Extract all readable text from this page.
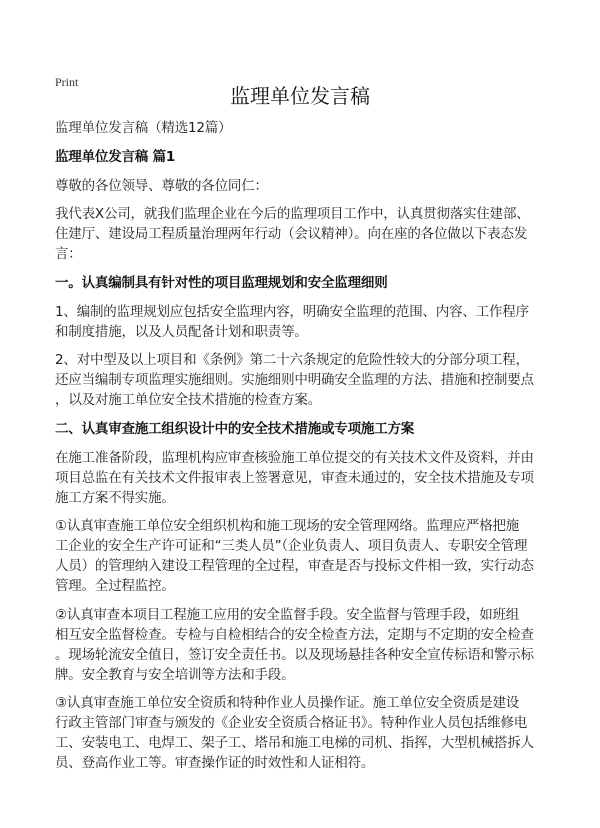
Print
监理单位发言稿
监理单位发言稿（精选12篇）
监理单位发言稿 篇1
尊敬的各位领导、尊敬的各位同仁：
我代表X公司，就我们监理企业在今后的监理项目工作中，认真贯彻落实住建部、
住建厅、建设局工程质量治理两年行动（会议精神）。向在座的各位做以下表态发
言：
一。认真编制具有针对性的项目监理规划和安全监理细则
1、编制的监理规划应包括安全监理内容，明确安全监理的范围、内容、工作程序
和制度措施，以及人员配备计划和职责等。
2、对中型及以上项目和《条例》第二十六条规定的危险性较大的分部分项工程，
还应当编制专项监理实施细则。实施细则中明确安全监理的方法、措施和控制要点
，以及对施工单位安全技术措施的检查方案。
二、认真审查施工组织设计中的安全技术措施或专项施工方案
在施工准备阶段，监理机构应审查核验施工单位提交的有关技术文件及资料，并由
项目总监在有关技术文件报审表上签署意见，审查未通过的，安全技术措施及专项
施工方案不得实施。
①认真审查施工单位安全组织机构和施工现场的安全管理网络。监理应严格把施
工企业的安全生产许可证和“三类人员”（企业负责人、项目负责人、专职安全管理
人员）的管理纳入建设工程管理的全过程，审查是否与投标文件相一致，实行动态
管理。全过程监控。
②认真审查本项目工程施工应用的安全监督手段。安全监督与管理手段，如班组
相互安全监督检查。专检与自检相结合的安全检查方法，定期与不定期的安全检查
。现场轮流安全值日，签订安全责任书。以及现场悬挂各种安全宣传标语和警示标
牌。安全教育与安全培训等方法和手段。
③认真审查施工单位安全资质和特种作业人员操作证。施工单位安全资质是建设
行政主管部门审查与颁发的《企业安全资质合格证书》。特种作业人员包括维修电
工、安装电工、电焊工、架子工、塔吊和施工电梯的司机、指挥，大型机械搭拆人
员、登高作业工等。审查操作证的时效性和人证相符。
